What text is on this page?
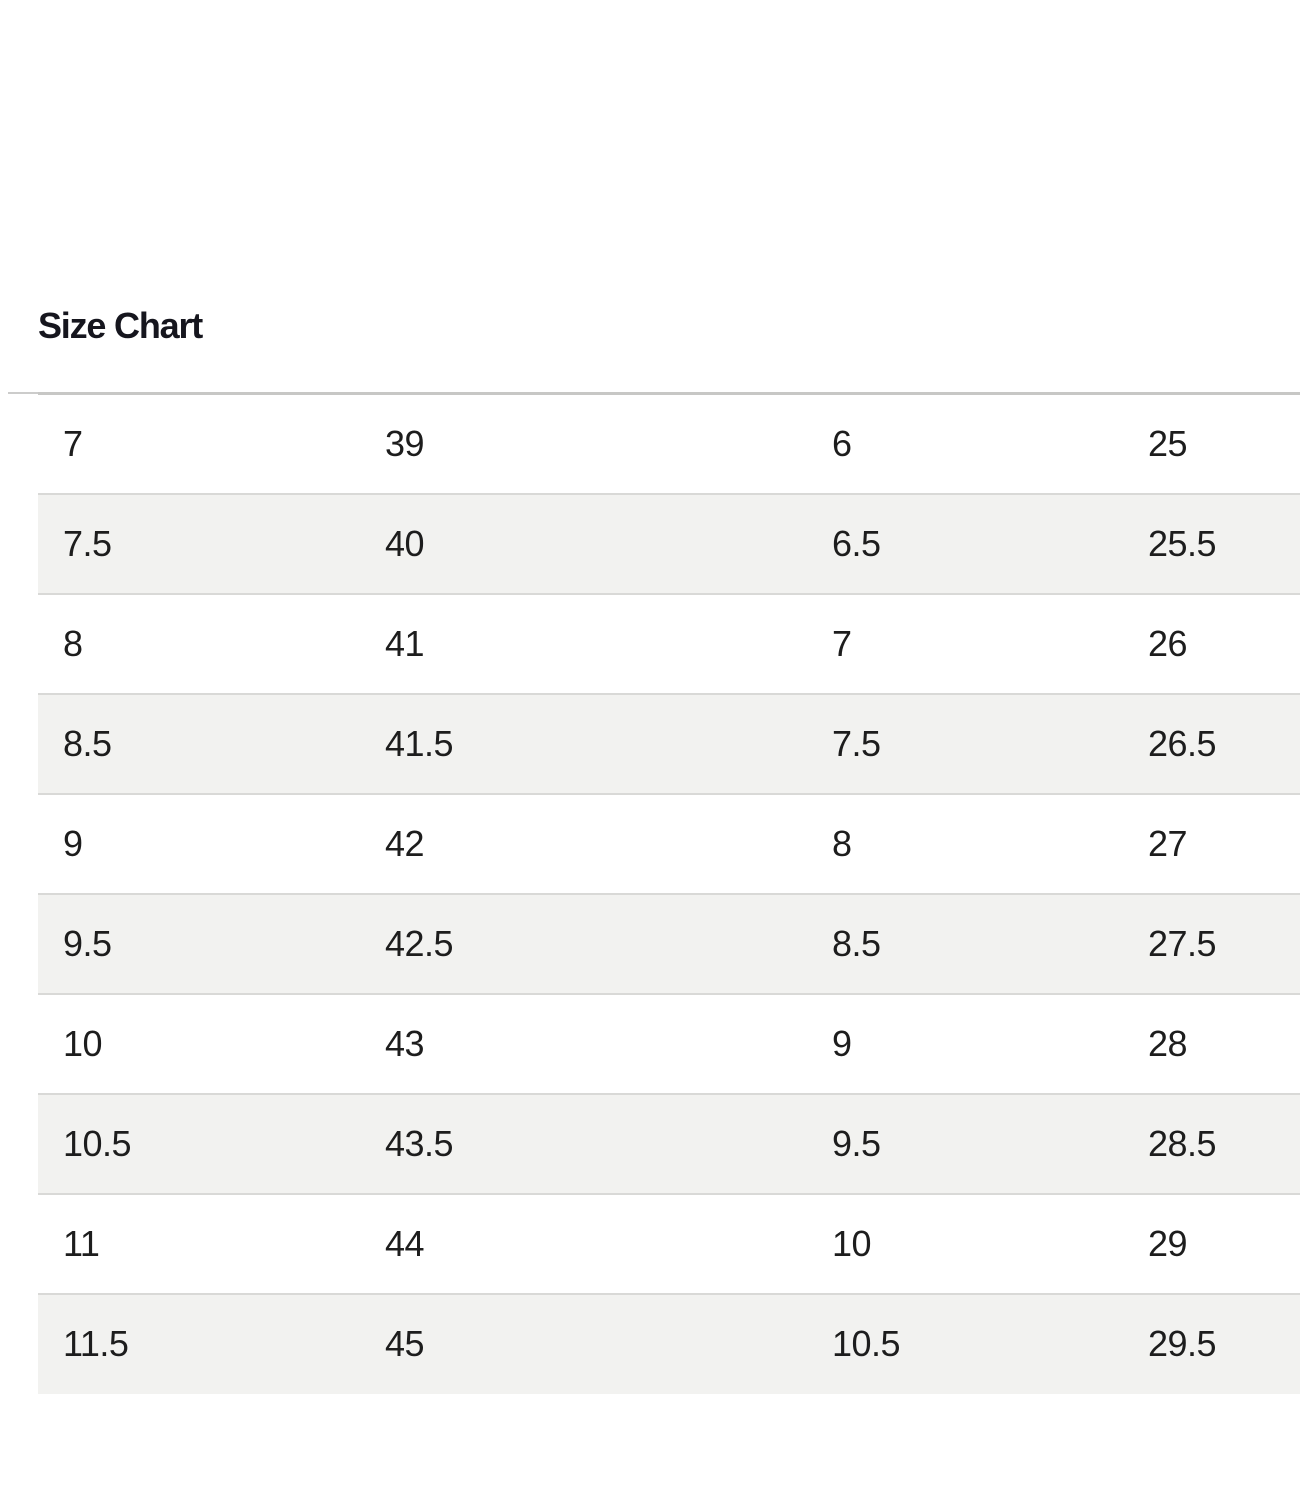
Size Chart
7	39	6	25
7.5	40	6.5	25.5
8	41	7	26
8.5	41.5	7.5	26.5
9	42	8	27
9.5	42.5	8.5	27.5
10	43	9	28
10.5	43.5	9.5	28.5
11	44	10	29
11.5	45	10.5	29.5
